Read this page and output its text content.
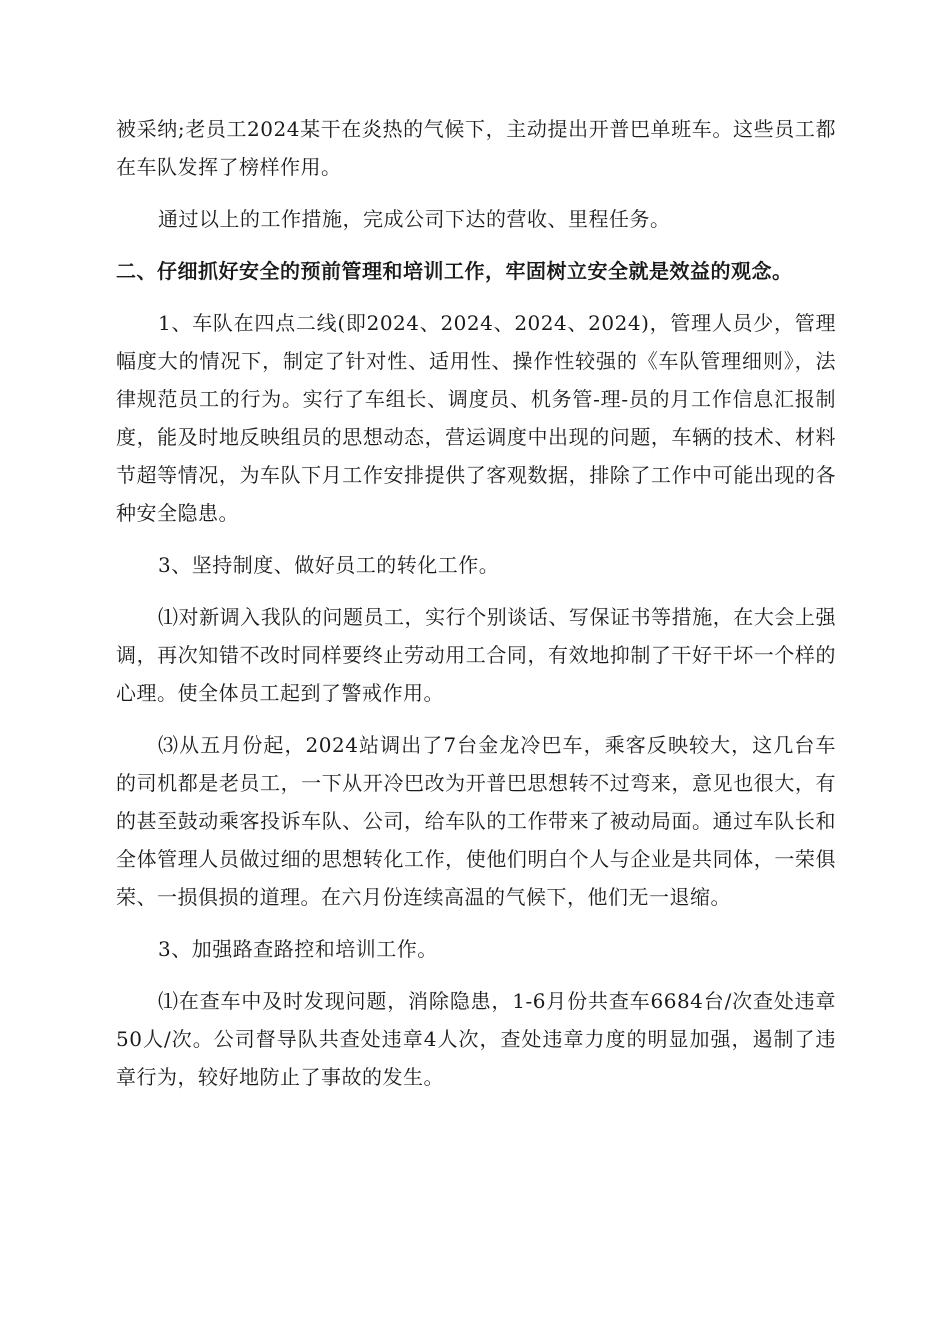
被采纳;老员工2024某干在炎热的气候下，主动提出开普巴单班车。这些员工都在车队发挥了榜样作用。

通过以上的工作措施，完成公司下达的营收、里程任务。

二、仔细抓好安全的预前管理和培训工作，牢固树立安全就是效益的观念。

1、车队在四点二线(即2024、2024、2024、2024)，管理人员少，管理幅度大的情况下，制定了针对性、适用性、操作性较强的《车队管理细则》，法律规范员工的行为。实行了车组长、调度员、机务管-理-员的月工作信息汇报制度，能及时地反映组员的思想动态，营运调度中出现的问题，车辆的技术、材料节超等情况，为车队下月工作安排提供了客观数据，排除了工作中可能出现的各种安全隐患。

3、坚持制度、做好员工的转化工作。

⑴对新调入我队的问题员工，实行个别谈话、写保证书等措施，在大会上强调，再次知错不改时同样要终止劳动用工合同，有效地抑制了干好干坏一个样的心理。使全体员工起到了警戒作用。

⑶从五月份起，2024站调出了7台金龙冷巴车，乘客反映较大，这几台车的司机都是老员工，一下从开冷巴改为开普巴思想转不过弯来，意见也很大，有的甚至鼓动乘客投诉车队、公司，给车队的工作带来了被动局面。通过车队长和全体管理人员做过细的思想转化工作，使他们明白个人与企业是共同体，一荣俱荣、一损俱损的道理。在六月份连续高温的气候下，他们无一退缩。

3、加强路查路控和培训工作。

⑴在查车中及时发现问题，消除隐患，1-6月份共查车6684台/次查处违章50人/次。公司督导队共查处违章4人次，查处违章力度的明显加强，遏制了违章行为，较好地防止了事故的发生。
